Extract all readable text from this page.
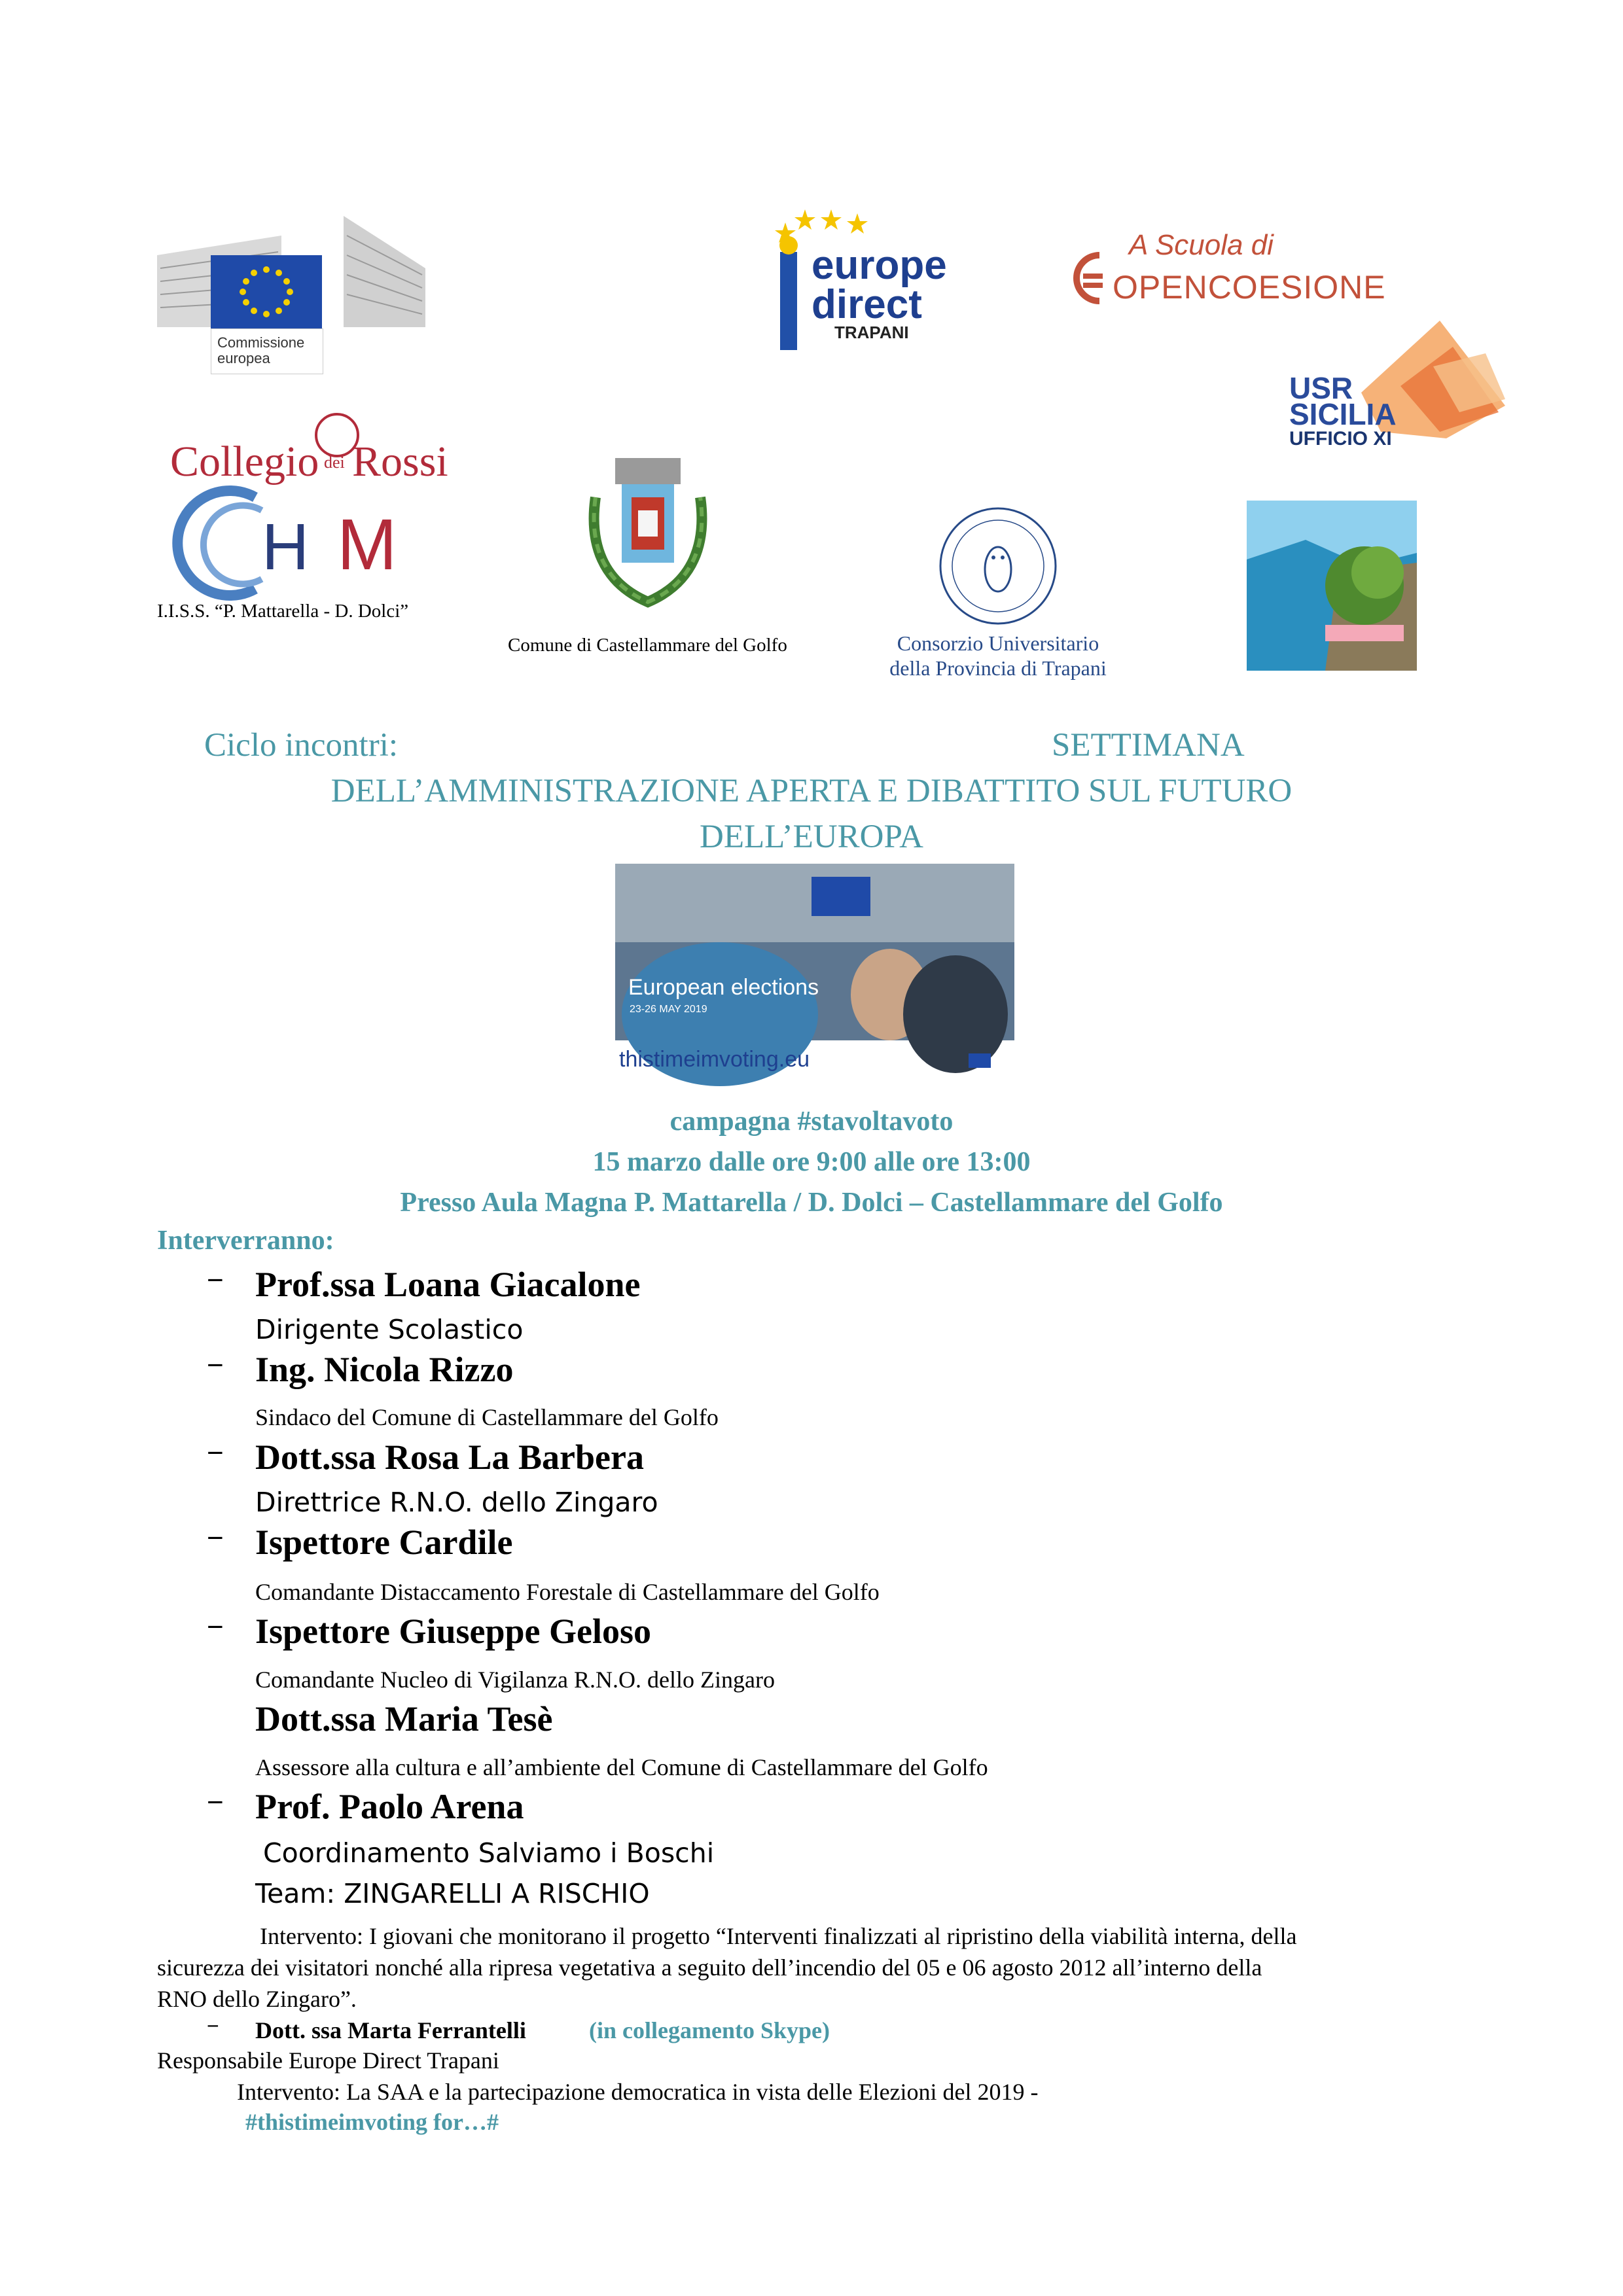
Commissione
europea
europe
direct
TRAPANI
A Scuola di
OPENCOESIONE
USR
SICILIA
UFFICIO XI
H M
Collegio dei Rossi
I.I.S.S. “P. Mattarella - D. Dolci”
Comune di Castellammare del Golfo	Consorzio Universitario
della Provincia di Trapani
Ciclo incontri:	SETTIMANA
DELL’AMMINISTRAZIONE APERTA E DIBATTITO SUL FUTURO
DELL’EUROPA
European elections
23-26 MAY 2019
thistimeimvoting.eu
campagna #stavoltavoto
15 marzo dalle ore 9:00 alle ore 13:00
Presso Aula Magna P. Mattarella / D. Dolci – Castellammare del Golfo
Interverranno:
− Prof.ssa Loana Giacalone
Dirigente Scolastico
− Ing. Nicola Rizzo
Sindaco del Comune di Castellammare del Golfo
− Dott.ssa Rosa La Barbera
Direttrice R.N.O. dello Zingaro
− Ispettore Cardile
Comandante Distaccamento Forestale di Castellammare del Golfo
− Ispettore Giuseppe Geloso
Comandante Nucleo di Vigilanza R.N.O. dello Zingaro
Dott.ssa Maria Tesè
Assessore alla cultura e all’ambiente del Comune di Castellammare del Golfo
− Prof. Paolo Arena
Coordinamento Salviamo i Boschi
Team: ZINGARELLI A RISCHIO
Intervento: I giovani che monitorano il progetto “Interventi finalizzati al ripristino della viabilità interna, della
sicurezza dei visitatori nonché alla ripresa vegetativa a seguito dell’incendio del 05 e 06 agosto 2012 all’interno della
RNO dello Zingaro”.
− Dott. ssa Marta Ferrantelli	(in collegamento Skype)
Responsabile Europe Direct Trapani
Intervento: La SAA e la partecipazione democratica in vista delle Elezioni del 2019 -
#thistimeimvoting for…#
